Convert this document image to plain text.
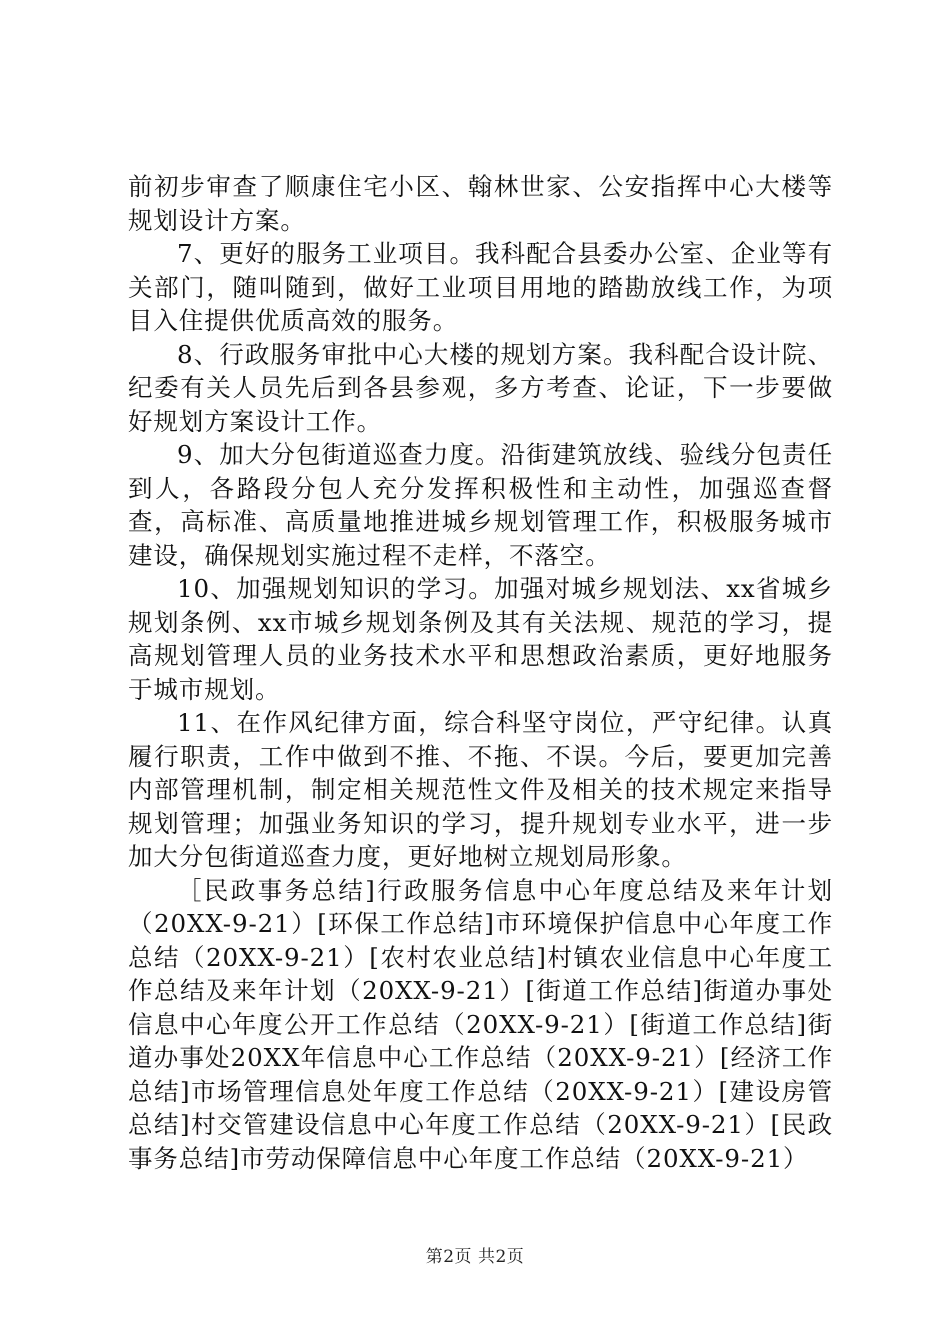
前初步审查了顺康住宅小区、翰林世家、公安指挥中心大楼等规划设计方案。

7、更好的服务工业项目。我科配合县委办公室、企业等有关部门，随叫随到，做好工业项目用地的踏勘放线工作，为项目入住提供优质高效的服务。

8、行政服务审批中心大楼的规划方案。我科配合设计院、纪委有关人员先后到各县参观，多方考查、论证，下一步要做好规划方案设计工作。

9、加大分包街道巡查力度。沿街建筑放线、验线分包责任到人，各路段分包人充分发挥积极性和主动性，加强巡查督查，高标准、高质量地推进城乡规划管理工作，积极服务城市建设，确保规划实施过程不走样，不落空。

10、加强规划知识的学习。加强对城乡规划法、xx省城乡规划条例、xx市城乡规划条例及其有关法规、规范的学习，提高规划管理人员的业务技术水平和思想政治素质，更好地服务于城市规划。

11、在作风纪律方面，综合科坚守岗位，严守纪律。认真履行职责，工作中做到不推、不拖、不误。今后，要更加完善内部管理机制，制定相关规范性文件及相关的技术规定来指导规划管理；加强业务知识的学习，提升规划专业水平，进一步加大分包街道巡查力度，更好地树立规划局形象。

［民政事务总结]行政服务信息中心年度总结及来年计划（20XX-9-21）[环保工作总结]市环境保护信息中心年度工作总结（20XX-9-21）[农村农业总结]村镇农业信息中心年度工作总结及来年计划（20XX-9-21）[街道工作总结]街道办事处信息中心年度公开工作总结（20XX-9-21）[街道工作总结]街道办事处20XX年信息中心工作总结（20XX-9-21）[经济工作总结]市场管理信息处年度工作总结（20XX-9-21）[建设房管总结]村交管建设信息中心年度工作总结（20XX-9-21）[民政事务总结]市劳动保障信息中心年度工作总结（20XX-9-21）

第2页 共2页
